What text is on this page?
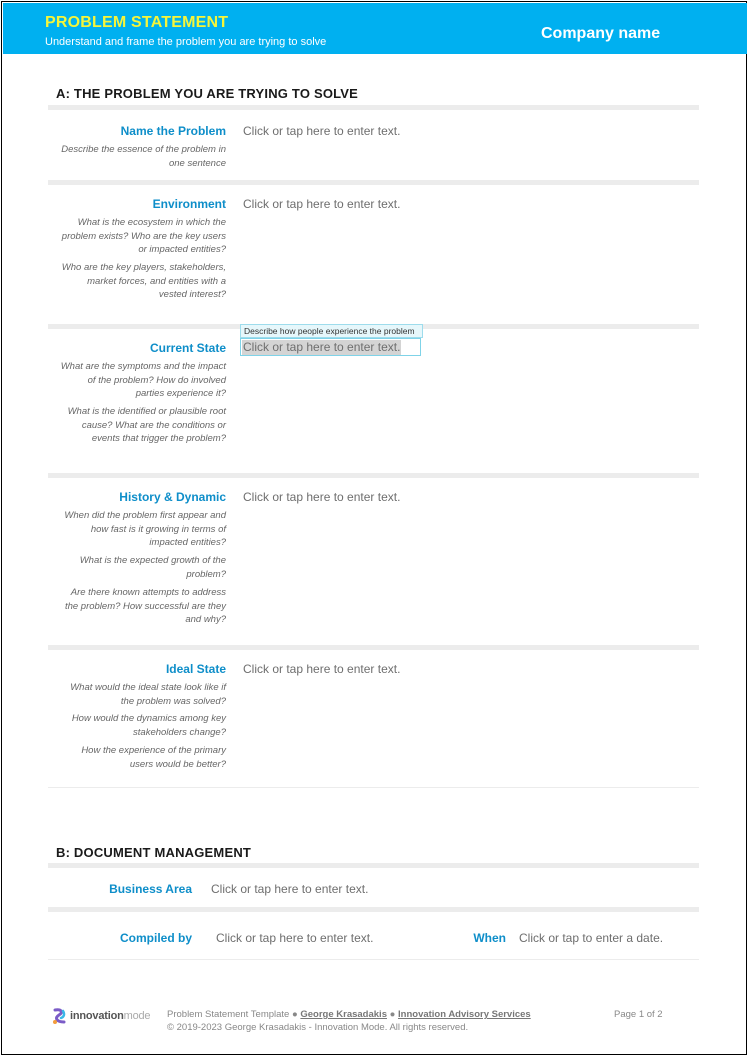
PROBLEM STATEMENT
Understand and frame the problem you are trying to solve	Company name
A: THE PROBLEM YOU ARE TRYING TO SOLVE
Name the Problem
Describe the essence of the problem in one sentence
Click or tap here to enter text.
Environment
What is the ecosystem in which the problem exists? Who are the key users or impacted entities?
Who are the key players, stakeholders, market forces, and entities with a vested interest?
Click or tap here to enter text.
Describe how people experience the problem
Current State
What are the symptoms and the impact of the problem? How do involved parties experience it?
What is the identified or plausible root cause? What are the conditions or events that trigger the problem?
Click or tap here to enter text.
History & Dynamic
When did the problem first appear and how fast is it growing in terms of impacted entities?
What is the expected growth of the problem?
Are there known attempts to address the problem? How successful are they and why?
Click or tap here to enter text.
Ideal State
What would the ideal state look like if the problem was solved?
How would the dynamics among key stakeholders change?
How the experience of the primary users would be better?
Click or tap here to enter text.
B: DOCUMENT MANAGEMENT
Business Area Click or tap here to enter text.
Compiled by Click or tap here to enter text.	When Click or tap to enter a date.
innovationmode Problem Statement Template ● George Krasadakis ● Innovation Advisory Services
© 2019-2023 George Krasadakis - Innovation Mode. All rights reserved.
Page 1 of 2
